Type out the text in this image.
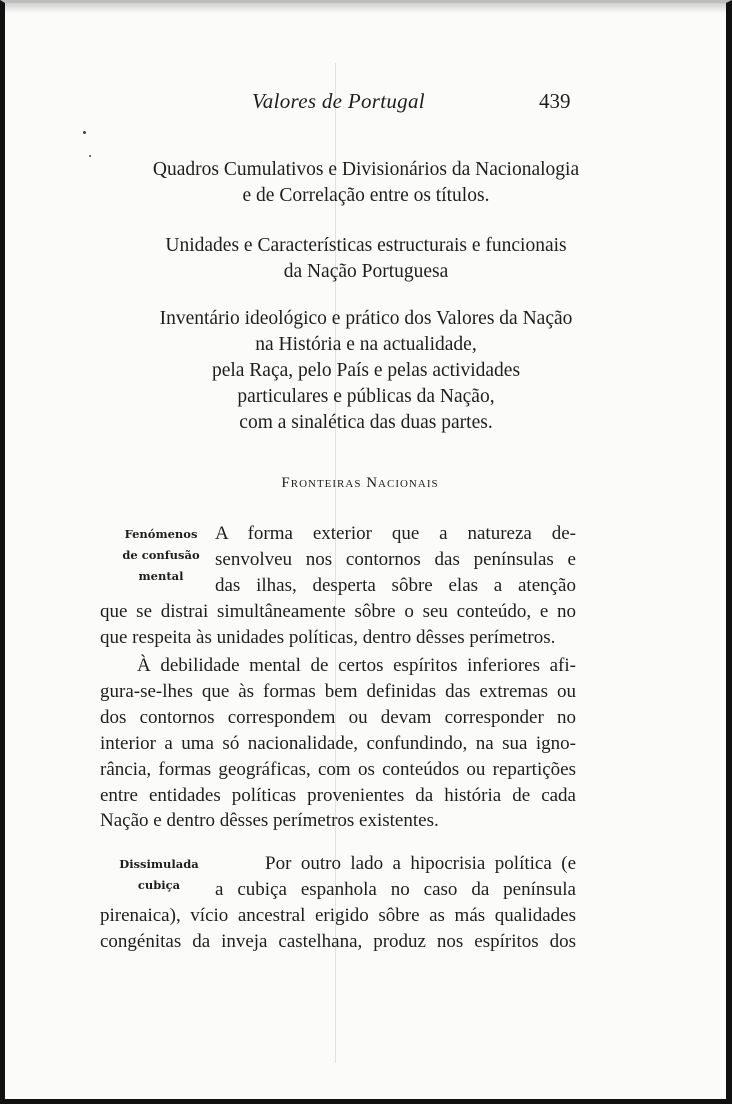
Valores de Portugal	439
Quadros Cumulativos e Divisionários da Nacionalogia
e de Correlação entre os títulos.
Unidades e Características estructurais e funcionais
da Nação Portuguesa
Inventário ideológico e prático dos Valores da Nação
na História e na actualidade,
pela Raça, pelo País e pelas actividades
particulares e públicas da Nação,
com a sinalética das duas partes.
Fronteiras Nacionais
Fenómenos
de confusão
mental
A forma exterior que a natureza de-
senvolveu nos contornos das penínsulas e
das ilhas, desperta sôbre elas a atenção
que se distrai simultâneamente sôbre o seu conteúdo, e no
que respeita às unidades políticas, dentro dêsses perímetros.
À debilidade mental de certos espíritos inferiores afi-
gura-se-lhes que às formas bem definidas das extremas ou
dos contornos correspondem ou devam corresponder no
interior a uma só nacionalidade, confundindo, na sua igno-
rância, formas geográficas, com os conteúdos ou repartições
entre entidades políticas provenientes da história de cada
Nação e dentro dêsses perímetros existentes.
Dissimulada
cubiça
Por outro lado a hipocrisia política (e
a cubiça espanhola no caso da península
pirenaica), vício ancestral erigido sôbre as más qualidades
congénitas da inveja castelhana, produz nos espíritos dos
